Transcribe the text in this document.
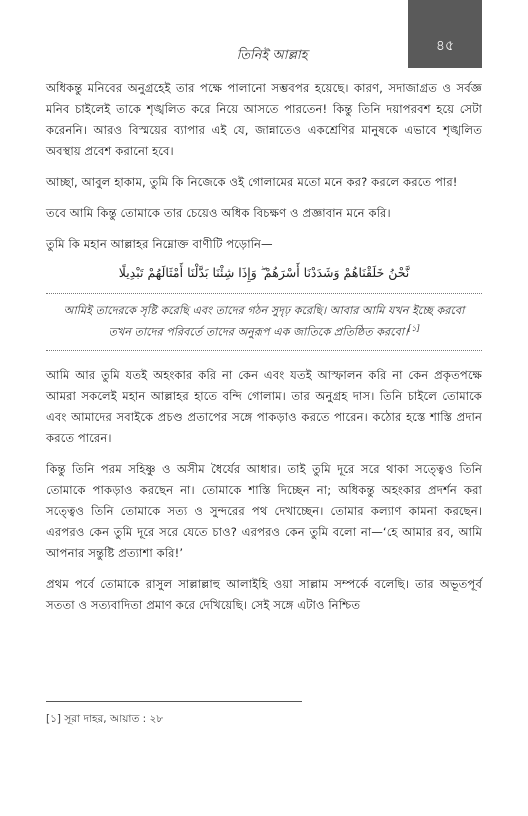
তিনিই আল্লাহ
৪৫

অধিকন্তু মনিবের অনুগ্রহেই তার পক্ষে পালানো সম্ভবপর হয়েছে। কারণ, সদাজাগ্রত ও সর্বজ্ঞ মনিব চাইলেই তাকে শৃঙ্খলিত করে নিয়ে আসতে পারতেন! কিন্তু তিনি দয়াপরবশ হয়ে সেটা করেননি। আরও বিস্ময়ের ব্যাপার এই যে, জান্নাতেও একশ্রেণির মানুষকে এভাবে শৃঙ্খলিত অবস্থায় প্রবেশ করানো হবে।

আচ্ছা, আবুল হাকাম, তুমি কি নিজেকে ওই গোলামের মতো মনে কর? করলে করতে পার!

তবে আমি কিন্তু তোমাকে তার চেয়েও অধিক বিচক্ষণ ও প্রজ্ঞাবান মনে করি।

তুমি কি মহান আল্লাহর নিম্নোক্ত বাণীটি পড়োনি—

نَّحْنُ خَلَقْنَاهُمْ وَشَدَدْنَا أَسْرَهُمْ ۖ وَإِذَا شِئْنَا بَدَّلْنَا أَمْثَالَهُمْ تَبْدِيلًا
আমিই তাদেরকে সৃষ্টি করেছি এবং তাদের গঠন সুদৃঢ় করেছি। আবার আমি যখন ইচ্ছে করবো তখন তাদের পরিবর্তে তাদের অনুরূপ এক জাতিকে প্রতিষ্ঠিত করবো।[১]

আমি আর তুমি যতই অহংকার করি না কেন এবং যতই আস্ফালন করি না কেন প্রকৃতপক্ষে আমরা সকলেই মহান আল্লাহর হাতে বন্দি গোলাম। তার অনুগ্রহ দাস। তিনি চাইলে তোমাকে এবং আমাদের সবাইকে প্রচণ্ড প্রতাপের সঙ্গে পাকড়াও করতে পারেন। কঠোর হস্তে শাস্তি প্রদান করতে পারেন।

কিন্তু তিনি পরম সহিষ্ণু ও অসীম ধৈর্যের আধার। তাই তুমি দূরে সরে থাকা সত্ত্বেও তিনি তোমাকে পাকড়াও করছেন না। তোমাকে শাস্তি দিচ্ছেন না; অধিকন্তু অহংকার প্রদর্শন করা সত্ত্বেও তিনি তোমাকে সত্য ও সুন্দরের পথ দেখাচ্ছেন। তোমার কল্যাণ কামনা করছেন। এরপরও কেন তুমি দূরে সরে যেতে চাও? এরপরও কেন তুমি বলো না—‘হে আমার রব, আমি আপনার সন্তুষ্টি প্রত্যাশা করি!’

প্রথম পর্বে তোমাকে রাসুল সাল্লাল্লাহু আলাইহি ওয়া সাল্লাম সম্পর্কে বলেছি। তার অভূতপূর্ব সততা ও সত্যবাদিতা প্রমাণ করে দেখিয়েছি। সেই সঙ্গে এটাও নিশ্চিত

[১] সূরা দাহর, আয়াত : ২৮
